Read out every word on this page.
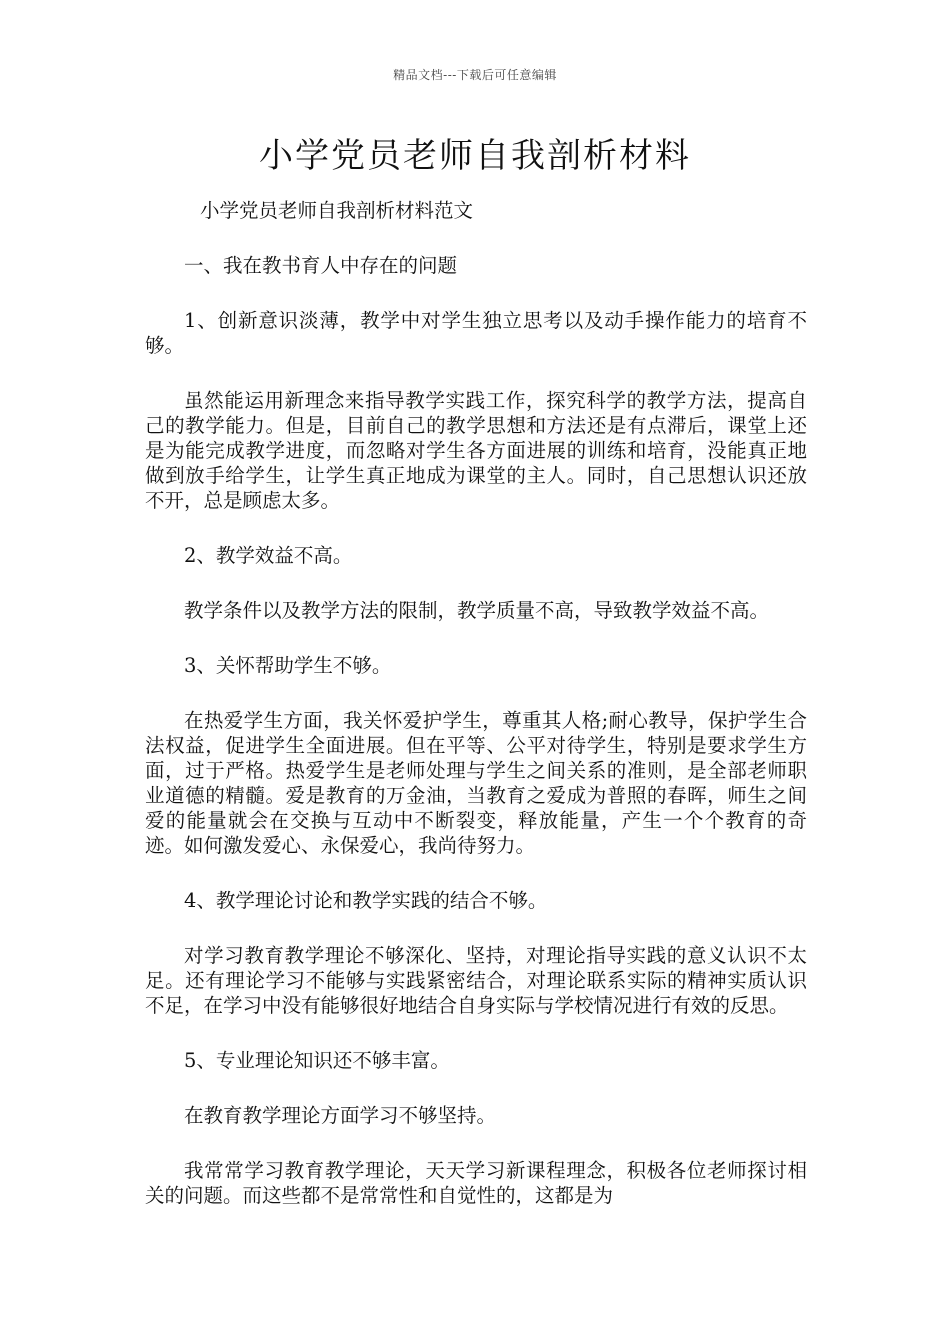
精品文档---下载后可任意编辑
小学党员老师自我剖析材料

小学党员老师自我剖析材料范文

一、我在教书育人中存在的问题

1、创新意识淡薄，教学中对学生独立思考以及动手操作能力的培育不够。

虽然能运用新理念来指导教学实践工作，探究科学的教学方法，提高自己的教学能力。但是，目前自己的教学思想和方法还是有点滞后，课堂上还是为能完成教学进度，而忽略对学生各方面进展的训练和培育，没能真正地做到放手给学生，让学生真正地成为课堂的主人。同时，自己思想认识还放不开，总是顾虑太多。

2、教学效益不高。

教学条件以及教学方法的限制，教学质量不高，导致教学效益不高。

3、关怀帮助学生不够。

在热爱学生方面，我关怀爱护学生，尊重其人格;耐心教导，保护学生合法权益，促进学生全面进展。但在平等、公平对待学生，特别是要求学生方面，过于严格。热爱学生是老师处理与学生之间关系的准则，是全部老师职业道德的精髓。爱是教育的万金油，当教育之爱成为普照的春晖，师生之间爱的能量就会在交换与互动中不断裂变，释放能量，产生一个个教育的奇迹。如何激发爱心、永保爱心，我尚待努力。

4、教学理论讨论和教学实践的结合不够。

对学习教育教学理论不够深化、坚持，对理论指导实践的意义认识不太足。还有理论学习不能够与实践紧密结合，对理论联系实际的精神实质认识不足，在学习中没有能够很好地结合自身实际与学校情况进行有效的反思。

5、专业理论知识还不够丰富。

在教育教学理论方面学习不够坚持。

我常常学习教育教学理论，天天学习新课程理念，积极各位老师探讨相关的问题。而这些都不是常常性和自觉性的，这都是为
